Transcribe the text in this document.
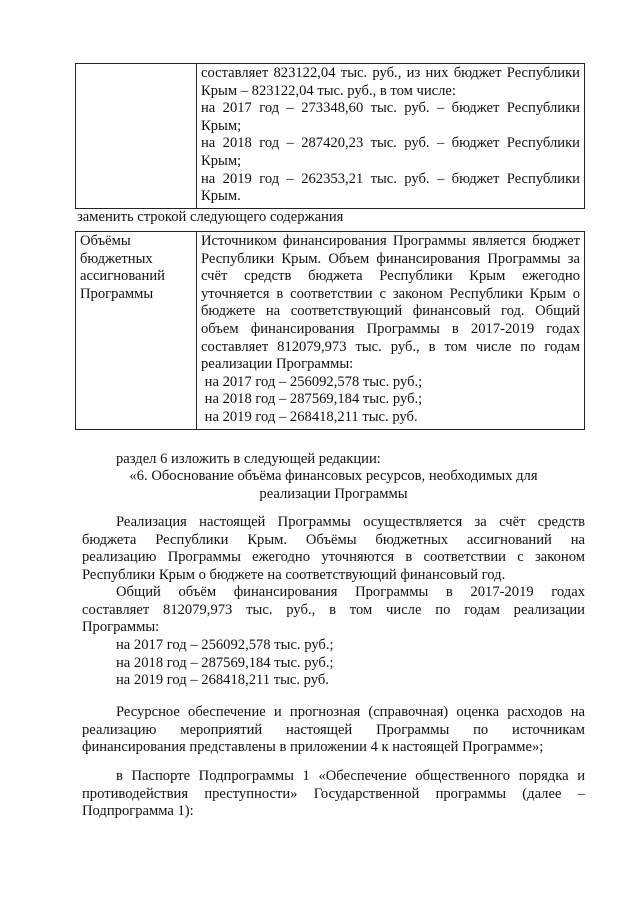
составляет 823122,04 тыс. руб., из них бюджет Республики
Крым – 823122,04 тыс. руб., в том числе:
на 2017 год – 273348,60 тыс. руб. – бюджет Республики
Крым;
на 2018 год – 287420,23 тыс. руб. – бюджет Республики
Крым;
на 2019 год – 262353,21 тыс. руб. – бюджет Республики
Крым.
заменить строкой следующего содержания
Объёмы
бюджетных
ассигнований
Программы

Источником финансирования Программы является бюджет
Республики Крым. Объем финансирования Программы за
счёт средств бюджета Республики Крым ежегодно
уточняется в соответствии с законом Республики Крым о
бюджете на соответствующий финансовый год. Общий
объем финансирования Программы в 2017-2019 годах
составляет 812079,973 тыс. руб., в том числе по годам
реализации Программы:
на 2017 год – 256092,578 тыс. руб.;
на 2018 год – 287569,184 тыс. руб.;
на 2019 год – 268418,211 тыс. руб.
раздел 6 изложить в следующей редакции:
«6. Обоснование объёма финансовых ресурсов, необходимых для
реализации Программы
Реализация настоящей Программы осуществляется за счёт средств
бюджета Республики Крым. Объёмы бюджетных ассигнований на
реализацию Программы ежегодно уточняются в соответствии с законом
Республики Крым о бюджете на соответствующий финансовый год.
Общий объём финансирования Программы в 2017-2019 годах
составляет 812079,973 тыс. руб., в том числе по годам реализации
Программы:
на 2017 год – 256092,578 тыс. руб.;
на 2018 год – 287569,184 тыс. руб.;
на 2019 год – 268418,211 тыс. руб.
Ресурсное обеспечение и прогнозная (справочная) оценка расходов на
реализацию мероприятий настоящей Программы по источникам
финансирования представлены в приложении 4 к настоящей Программе»;
в Паспорте Подпрограммы 1 «Обеспечение общественного порядка и
противодействия преступности» Государственной программы (далее –
Подпрограмма 1):
